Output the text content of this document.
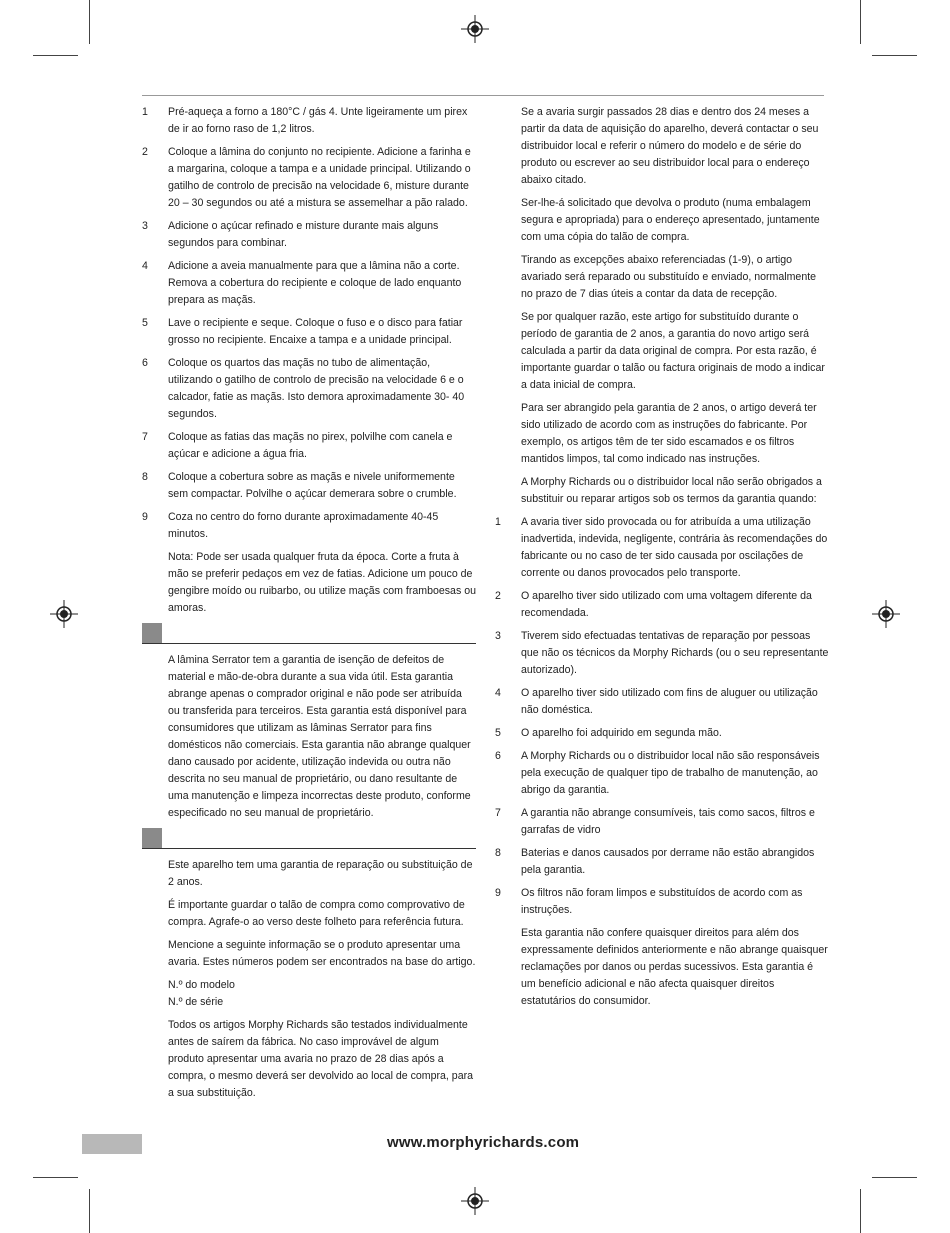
1 Pré-aqueça a forno a 180°C / gás 4. Unte ligeiramente um pirex de ir ao forno raso de 1,2 litros.
2 Coloque a lâmina do conjunto no recipiente. Adicione a farinha e a margarina, coloque a tampa e a unidade principal. Utilizando o gatilho de controlo de precisão na velocidade 6, misture durante 20 – 30 segundos ou até a mistura se assemelhar a pão ralado.
3 Adicione o açúcar refinado e misture durante mais alguns segundos para combinar.
4 Adicione a aveia manualmente para que a lâmina não a corte. Remova a cobertura do recipiente e coloque de lado enquanto prepara as maçãs.
5 Lave o recipiente e seque. Coloque o fuso e o disco para fatiar grosso no recipiente. Encaixe a tampa e a unidade principal.
6 Coloque os quartos das maçãs no tubo de alimentação, utilizando o gatilho de controlo de precisão na velocidade 6 e o calcador, fatie as maçãs. Isto demora aproximadamente 30- 40 segundos.
7 Coloque as fatias das maçãs no pirex, polvilhe com canela e açúcar e adicione a água fria.
8 Coloque a cobertura sobre as maçãs e nivele uniformemente sem compactar. Polvilhe o açúcar demerara sobre o crumble.
9 Coza no centro do forno durante aproximadamente 40-45 minutos.
Nota: Pode ser usada qualquer fruta da época. Corte a fruta à mão se preferir pedaços em vez de fatias. Adicione um pouco de gengibre moído ou ruibarbo, ou utilize maçãs com framboesas ou amoras.
A lâmina Serrator tem a garantia de isenção de defeitos de material e mão-de-obra durante a sua vida útil. Esta garantia abrange apenas o comprador original e não pode ser atribuída ou transferida para terceiros. Esta garantia está disponível para consumidores que utilizam as lâminas Serrator para fins domésticos não comerciais. Esta garantia não abrange qualquer dano causado por acidente, utilização indevida ou outra não descrita no seu manual de proprietário, ou dano resultante de uma manutenção e limpeza incorrectas deste produto, conforme especificado no seu manual de proprietário.
Este aparelho tem uma garantia de reparação ou substituição de 2 anos.
É importante guardar o talão de compra como comprovativo de compra. Agrafe-o ao verso deste folheto para referência futura.
Mencione a seguinte informação se o produto apresentar uma avaria. Estes números podem ser encontrados na base do artigo.
N.º do modelo
N.º de série
Todos os artigos Morphy Richards são testados individualmente antes de saírem da fábrica. No caso improvável de algum produto apresentar uma avaria no prazo de 28 dias após a compra, o mesmo deverá ser devolvido ao local de compra, para a sua substituição.
Se a avaria surgir passados 28 dias e dentro dos 24 meses a partir da data de aquisição do aparelho, deverá contactar o seu distribuidor local e referir o número do modelo e de série do produto ou escrever ao seu distribuidor local para o endereço abaixo citado.
Ser-lhe-á solicitado que devolva o produto (numa embalagem segura e apropriada) para o endereço apresentado, juntamente com uma cópia do talão de compra.
Tirando as excepções abaixo referenciadas (1-9), o artigo avariado será reparado ou substituído e enviado, normalmente no prazo de 7 dias úteis a contar da data de recepção.
Se por qualquer razão, este artigo for substituído durante o período de garantia de 2 anos, a garantia do novo artigo será calculada a partir da data original de compra. Por esta razão, é importante guardar o talão ou factura originais de modo a indicar a data inicial de compra.
Para ser abrangido pela garantia de 2 anos, o artigo deverá ter sido utilizado de acordo com as instruções do fabricante. Por exemplo, os artigos têm de ter sido escamados e os filtros mantidos limpos, tal como indicado nas instruções.
A Morphy Richards ou o distribuidor local não serão obrigados a substituir ou reparar artigos sob os termos da garantia quando:
1 A avaria tiver sido provocada ou for atribuída a uma utilização inadvertida, indevida, negligente, contrária às recomendações do fabricante ou no caso de ter sido causada por oscilações de corrente ou danos provocados pelo transporte.
2 O aparelho tiver sido utilizado com uma voltagem diferente da recomendada.
3 Tiverem sido efectuadas tentativas de reparação por pessoas que não os técnicos da Morphy Richards (ou o seu representante autorizado).
4 O aparelho tiver sido utilizado com fins de aluguer ou utilização não doméstica.
5 O aparelho foi adquirido em segunda mão.
6 A Morphy Richards ou o distribuidor local não são responsáveis pela execução de qualquer tipo de trabalho de manutenção, ao abrigo da garantia.
7 A garantia não abrange consumíveis, tais como sacos, filtros e garrafas de vidro
8 Baterias e danos causados por derrame não estão abrangidos pela garantia.
9 Os filtros não foram limpos e substituídos de acordo com as instruções.
Esta garantia não confere quaisquer direitos para além dos expressamente definidos anteriormente e não abrange quaisquer reclamações por danos ou perdas sucessivos. Esta garantia é um benefício adicional e não afecta quaisquer direitos estatutários do consumidor.
www.morphyrichards.com
